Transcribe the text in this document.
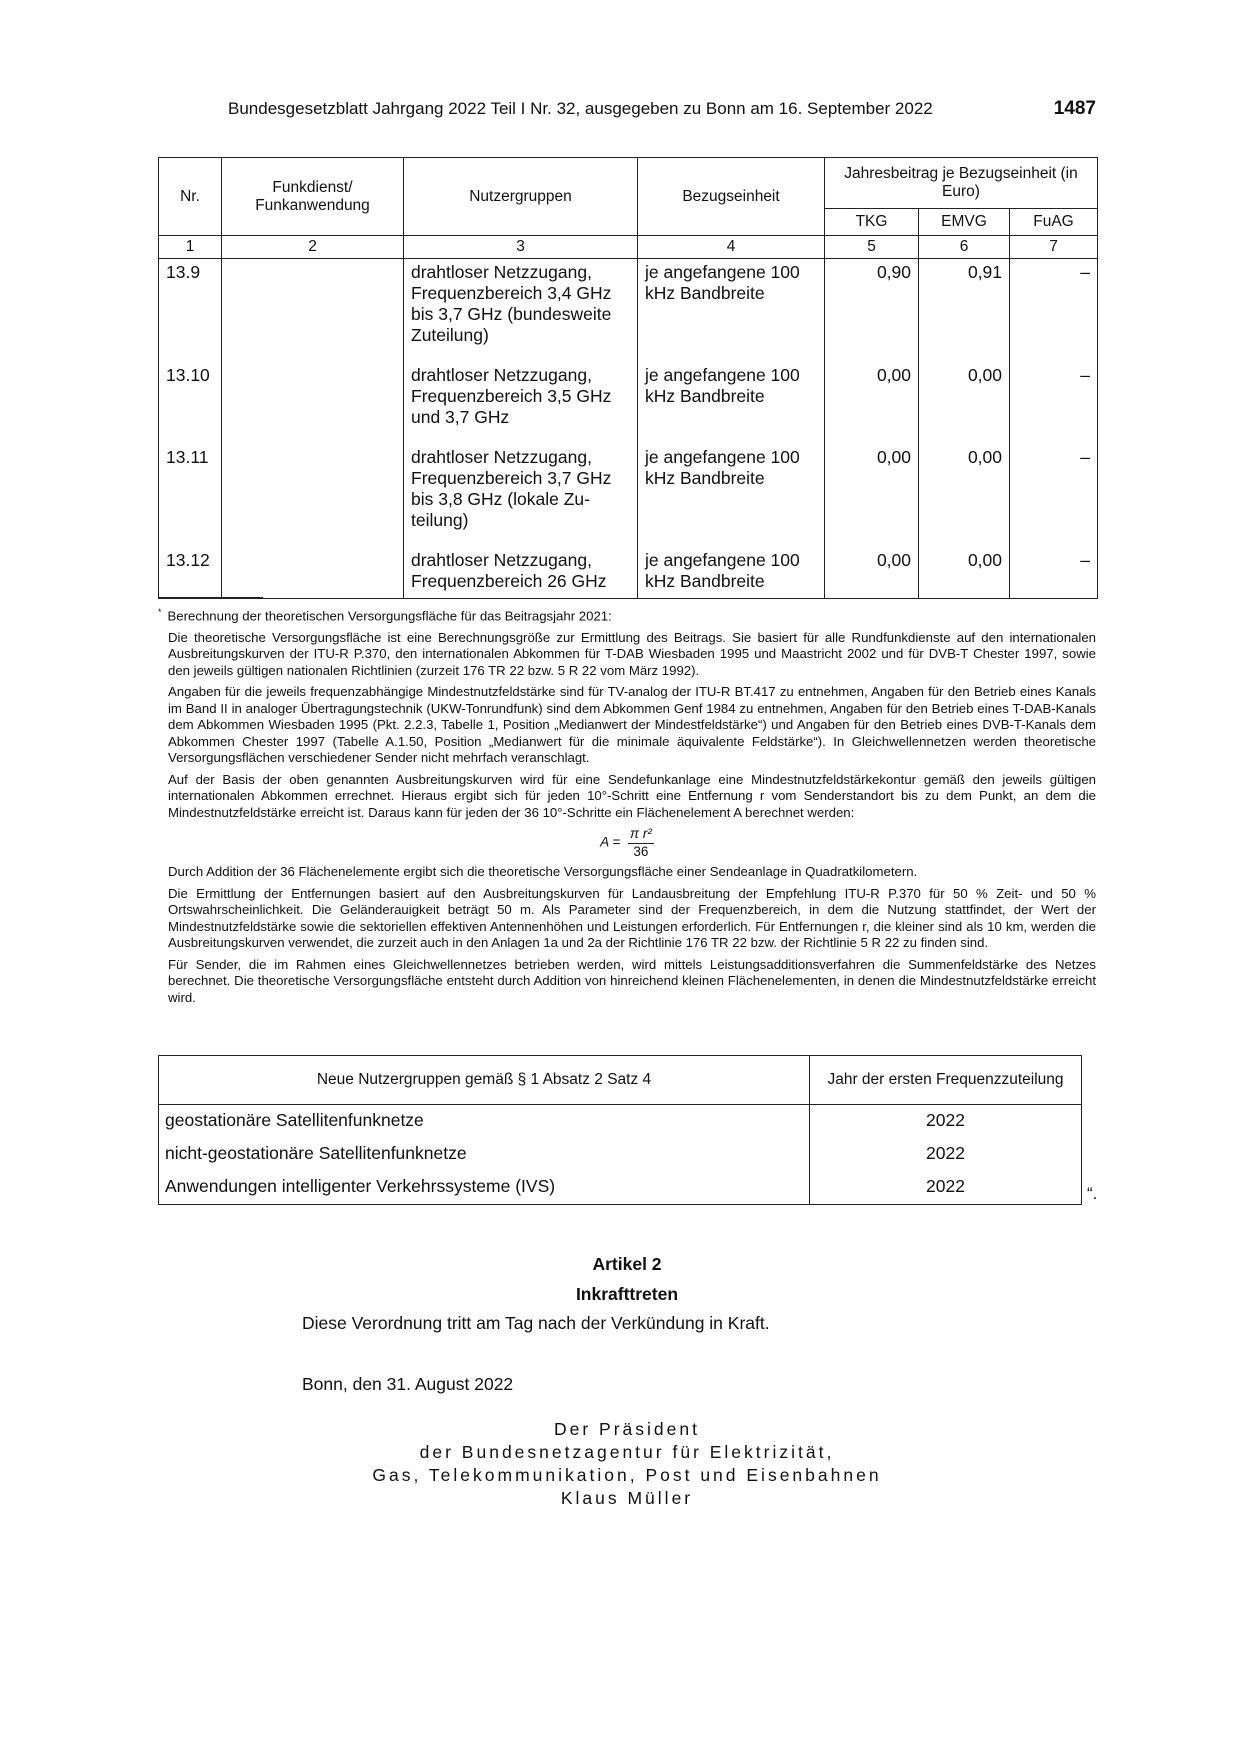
Bundesgesetzblatt Jahrgang 2022 Teil I Nr. 32, ausgegeben zu Bonn am 16. September 2022	1487
Nr.	Funkdienst/ Funkanwendung	Nutzergruppen	Bezugseinheit	Jahresbeitrag je Bezugseinheit (in Euro)		
				TKG	EMVG	FuAG
1	2	3	4	5	6	7
13.9		drahtloser Netzzugang, Frequenzbereich 3,4 GHz bis 3,7 GHz (bundesweite Zuteilung)	je angefangene 100 kHz Bandbreite	0,90	0,91	–
13.10		drahtloser Netzzugang, Frequenzbereich 3,5 GHz und 3,7 GHz	je angefangene 100 kHz Bandbreite	0,00	0,00	–
13.11		drahtloser Netzzugang, Frequenzbereich 3,7 GHz bis 3,8 GHz (lokale Zu-teilung)	je angefangene 100 kHz Bandbreite	0,00	0,00	–
13.12		drahtloser Netzzugang, Frequenzbereich 26 GHz	je angefangene 100 kHz Bandbreite	0,00	0,00	–

* Berechnung der theoretischen Versorgungsfläche für das Beitragsjahr 2021:

Die theoretische Versorgungsfläche ist eine Berechnungsgröße zur Ermittlung des Beitrags. Sie basiert für alle Rundfunkdienste auf den internationalen Ausbreitungskurven der ITU-R P.370, den internationalen Abkommen für T-DAB Wiesbaden 1995 und Maastricht 2002 und für DVB-T Chester 1997, sowie den jeweils gültigen nationalen Richtlinien (zurzeit 176 TR 22 bzw. 5 R 22 vom März 1992).

Angaben für die jeweils frequenzabhängige Mindestnutzfeldstärke sind für TV-analog der ITU-R BT.417 zu entnehmen, Angaben für den Betrieb eines Kanals im Band II in analoger Übertragungstechnik (UKW-Tonrundfunk) sind dem Abkommen Genf 1984 zu entnehmen, Angaben für den Betrieb eines T-DAB-Kanals dem Abkommen Wiesbaden 1995 (Pkt. 2.2.3, Tabelle 1, Position „Medianwert der Mindestfeldstärke“) und Angaben für den Betrieb eines DVB-T-Kanals dem Abkommen Chester 1997 (Tabelle A.1.50, Position „Medianwert für die minimale äquivalente Feldstärke“). In Gleichwellennetzen werden theoretische Versorgungsflächen verschiedener Sender nicht mehrfach veranschlagt.

Auf der Basis der oben genannten Ausbreitungskurven wird für eine Sendefunkanlage eine Mindestnutzfeldstärkekontur gemäß den jeweils gültigen internationalen Abkommen errechnet. Hieraus ergibt sich für jeden 10°-Schritt eine Entfernung r vom Senderstandort bis zu dem Punkt, an dem die Mindestnutzfeldstärke erreicht ist. Daraus kann für jeden der 36 10°-Schritte ein Flächenelement A berechnet werden:

$A = \frac{\text{π r²}}{36}$

Durch Addition der 36 Flächenelemente ergibt sich die theoretische Versorgungsfläche einer Sendeanlage in Quadratkilometern.

Die Ermittlung der Entfernungen basiert auf den Ausbreitungskurven für Landausbreitung der Empfehlung ITU-R P.370 für 50 % Zeit- und 50 % Ortswahrscheinlichkeit. Die Geländerauigkeit beträgt 50 m. Als Parameter sind der Frequenzbereich, in dem die Nutzung stattfindet, der Wert der Mindestnutzfeldstärke sowie die sektoriellen effektiven Antennenhöhen und Leistungen erforderlich. Für Entfernungen r, die kleiner sind als 10 km, werden die Ausbreitungskurven verwendet, die zurzeit auch in den Anlagen 1a und 2a der Richtlinie 176 TR 22 bzw. der Richtlinie 5 R 22 zu finden sind.

Für Sender, die im Rahmen eines Gleichwellennetzes betrieben werden, wird mittels Leistungsadditionsverfahren die Summenfeldstärke des Netzes berechnet. Die theoretische Versorgungsfläche entsteht durch Addition von hinreichend kleinen Flächenelementen, in denen die Mindestnutzfeldstärke erreicht wird.

Neue Nutzergruppen gemäß § 1 Absatz 2 Satz 4	Jahr der ersten Frequenzzuteilung
geostationäre Satellitenfunknetze	2022
nicht-geostationäre Satellitenfunknetze	2022
Anwendungen intelligenter Verkehrssysteme (IVS)	2022	“.
Artikel 2
Inkrafttreten
Diese Verordnung tritt am Tag nach der Verkündung in Kraft.
Bonn, den 31. August 2022
Der Präsident
der Bundesnetzagentur für Elektrizität,
Gas, Telekommunikation, Post und Eisenbahnen
Klaus Müller
